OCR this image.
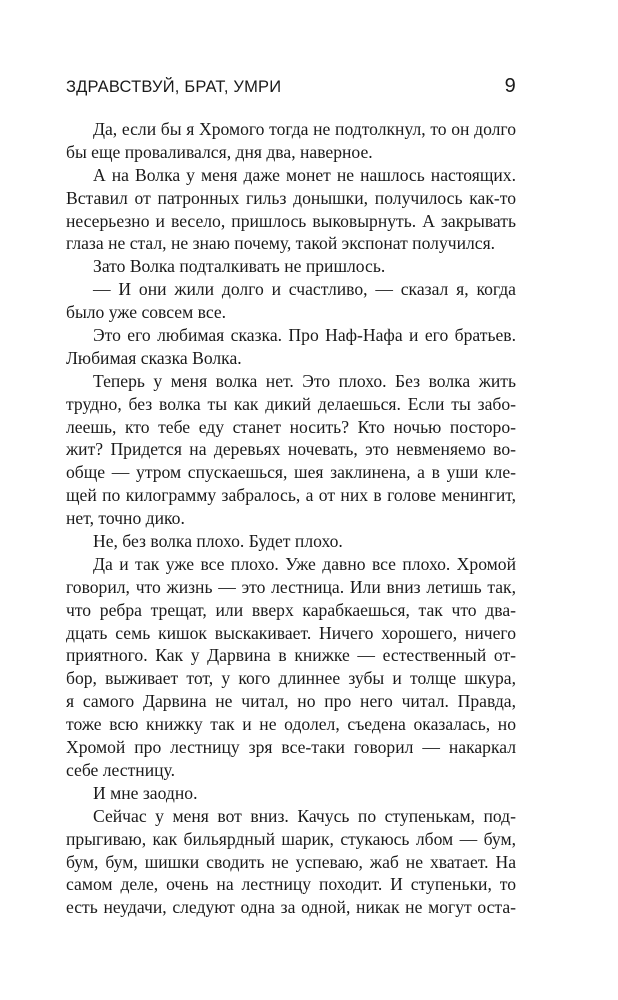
ЗДРАВСТВУЙ, БРАТ, УМРИ	9

Да, если бы я Хромого тогда не подтолкнул, то он долго
бы еще проваливался, дня два, наверное.

А на Волка у меня даже монет не нашлось настоящих.
Вставил от патронных гильз донышки, получилось как-то
несерьезно и весело, пришлось выковырнуть. А закрывать
глаза не стал, не знаю почему, такой экспонат получился.

Зато Волка подталкивать не пришлось.

— И они жили долго и счастливо, — сказал я, когда
было уже совсем все.

Это его любимая сказка. Про Наф-Нафа и его братьев.
Любимая сказка Волка.

Теперь у меня волка нет. Это плохо. Без волка жить
трудно, без волка ты как дикий делаешься. Если ты забо-
леешь, кто тебе еду станет носить? Кто ночью посторо-
жит? Придется на деревьях ночевать, это невменяемо во-
обще — утром спускаешься, шея заклинена, а в уши кле-
щей по килограмму забралось, а от них в голове менингит,
нет, точно дико.

Не, без волка плохо. Будет плохо.

Да и так уже все плохо. Уже давно все плохо. Хромой
говорил, что жизнь — это лестница. Или вниз летишь так,
что ребра трещат, или вверх карабкаешься, так что два-
дцать семь кишок выскакивает. Ничего хорошего, ничего
приятного. Как у Дарвина в книжке — естественный от-
бор, выживает тот, у кого длиннее зубы и толще шкура,
я самого Дарвина не читал, но про него читал. Правда,
тоже всю книжку так и не одолел, съедена оказалась, но
Хромой про лестницу зря все-таки говорил — накаркал
себе лестницу.

И мне заодно.

Сейчас у меня вот вниз. Качусь по ступенькам, под-
прыгиваю, как бильярдный шарик, стукаюсь лбом — бум,
бум, бум, шишки сводить не успеваю, жаб не хватает. На
самом деле, очень на лестницу походит. И ступеньки, то
есть неудачи, следуют одна за одной, никак не могут оста-
